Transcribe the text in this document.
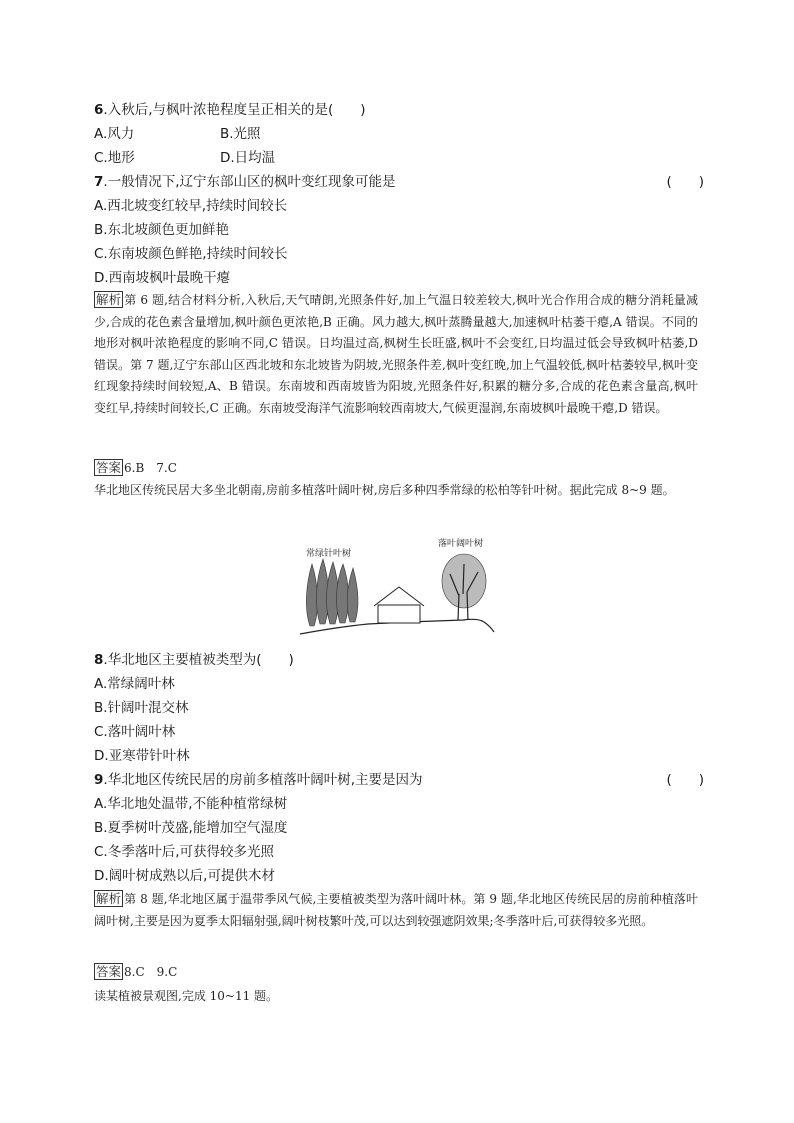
6.入秋后,与枫叶浓艳程度呈正相关的是(　　)
A.风力	B.光照
C.地形	D.日均温
7.一般情况下,辽宁东部山区的枫叶变红现象可能是	(　　)
A.西北坡变红较早,持续时间较长
B.东北坡颜色更加鲜艳
C.东南坡颜色鲜艳,持续时间较长
D.西南坡枫叶最晚干瘪
解析 第 6 题,结合材料分析,入秋后,天气晴朗,光照条件好,加上气温日较差较大,枫叶光合作用合成的糖分消耗量减少,合成的花色素含量增加,枫叶颜色更浓艳,B 正确。风力越大,枫叶蒸腾量越大,加速枫叶枯萎干瘪,A 错误。不同的地形对枫叶浓艳程度的影响不同,C 错误。日均温过高,枫树生长旺盛,枫叶不会变红,日均温过低会导致枫叶枯萎,D 错误。第 7 题,辽宁东部山区西北坡和东北坡皆为阴坡,光照条件差,枫叶变红晚,加上气温较低,枫叶枯萎较早,枫叶变红现象持续时间较短,A、B 错误。东南坡和西南坡皆为阳坡,光照条件好,积累的糖分多,合成的花色素含量高,枫叶变红早,持续时间较长,C 正确。东南坡受海洋气流影响较西南坡大,气候更湿润,东南坡枫叶最晚干瘪,D 错误。
答案 6.B　7.C
华北地区传统民居大多坐北朝南,房前多植落叶阔叶树,房后多种四季常绿的松柏等针叶树。据此完成 8~9 题。
常绿针叶树
落叶阔叶树
8.华北地区主要植被类型为(　　)
A.常绿阔叶林
B.针阔叶混交林
C.落叶阔叶林
D.亚寒带针叶林
9.华北地区传统民居的房前多植落叶阔叶树,主要是因为	(　　)
A.华北地处温带,不能种植常绿树
B.夏季树叶茂盛,能增加空气湿度
C.冬季落叶后,可获得较多光照
D.阔叶树成熟以后,可提供木材
解析 第 8 题,华北地区属于温带季风气候,主要植被类型为落叶阔叶林。第 9 题,华北地区传统民居的房前种植落叶阔叶树,主要是因为夏季太阳辐射强,阔叶树枝繁叶茂,可以达到较强遮阴效果;冬季落叶后,可获得较多光照。
答案 8.C　9.C
读某植被景观图,完成 10~11 题。
